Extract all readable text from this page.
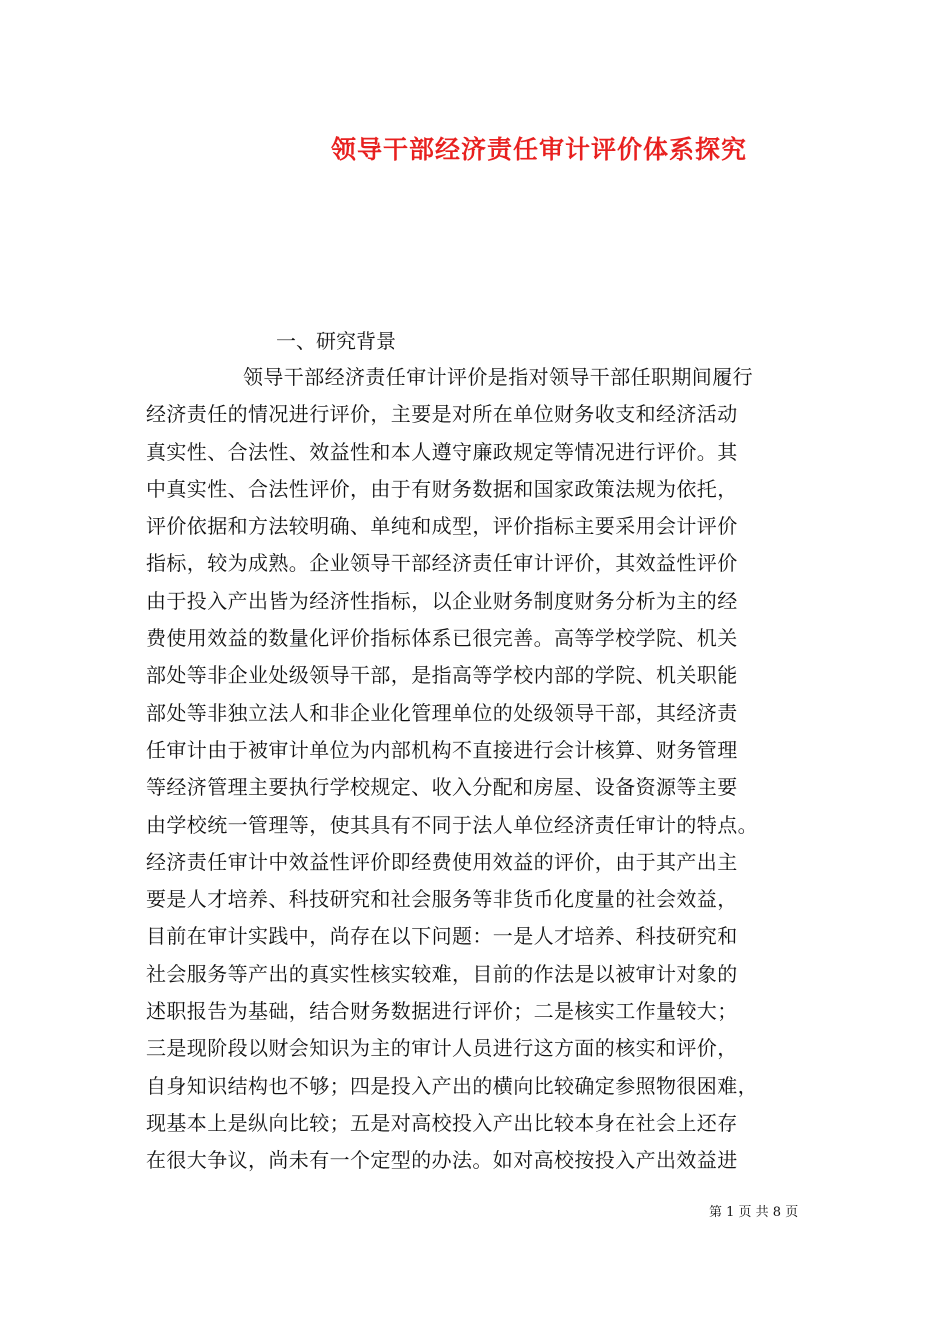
领导干部经济责任审计评价体系探究
一、研究背景
领导干部经济责任审计评价是指对领导干部任职期间履行
经济责任的情况进行评价，主要是对所在单位财务收支和经济活动
真实性、合法性、效益性和本人遵守廉政规定等情况进行评价。其
中真实性、合法性评价，由于有财务数据和国家政策法规为依托，
评价依据和方法较明确、单纯和成型，评价指标主要采用会计评价
指标，较为成熟。企业领导干部经济责任审计评价，其效益性评价
由于投入产出皆为经济性指标，以企业财务制度财务分析为主的经
费使用效益的数量化评价指标体系已很完善。高等学校学院、机关
部处等非企业处级领导干部，是指高等学校内部的学院、机关职能
部处等非独立法人和非企业化管理单位的处级领导干部，其经济责
任审计由于被审计单位为内部机构不直接进行会计核算、财务管理
等经济管理主要执行学校规定、收入分配和房屋、设备资源等主要
由学校统一管理等，使其具有不同于法人单位经济责任审计的特点。
经济责任审计中效益性评价即经费使用效益的评价，由于其产出主
要是人才培养、科技研究和社会服务等非货币化度量的社会效益，
目前在审计实践中，尚存在以下问题：一是人才培养、科技研究和
社会服务等产出的真实性核实较难，目前的作法是以被审计对象的
述职报告为基础，结合财务数据进行评价；二是核实工作量较大；
三是现阶段以财会知识为主的审计人员进行这方面的核实和评价，
自身知识结构也不够；四是投入产出的横向比较确定参照物很困难，
现基本上是纵向比较；五是对高校投入产出比较本身在社会上还存
在很大争议，尚未有一个定型的办法。如对高校按投入产出效益进
第 1 页 共 8 页
